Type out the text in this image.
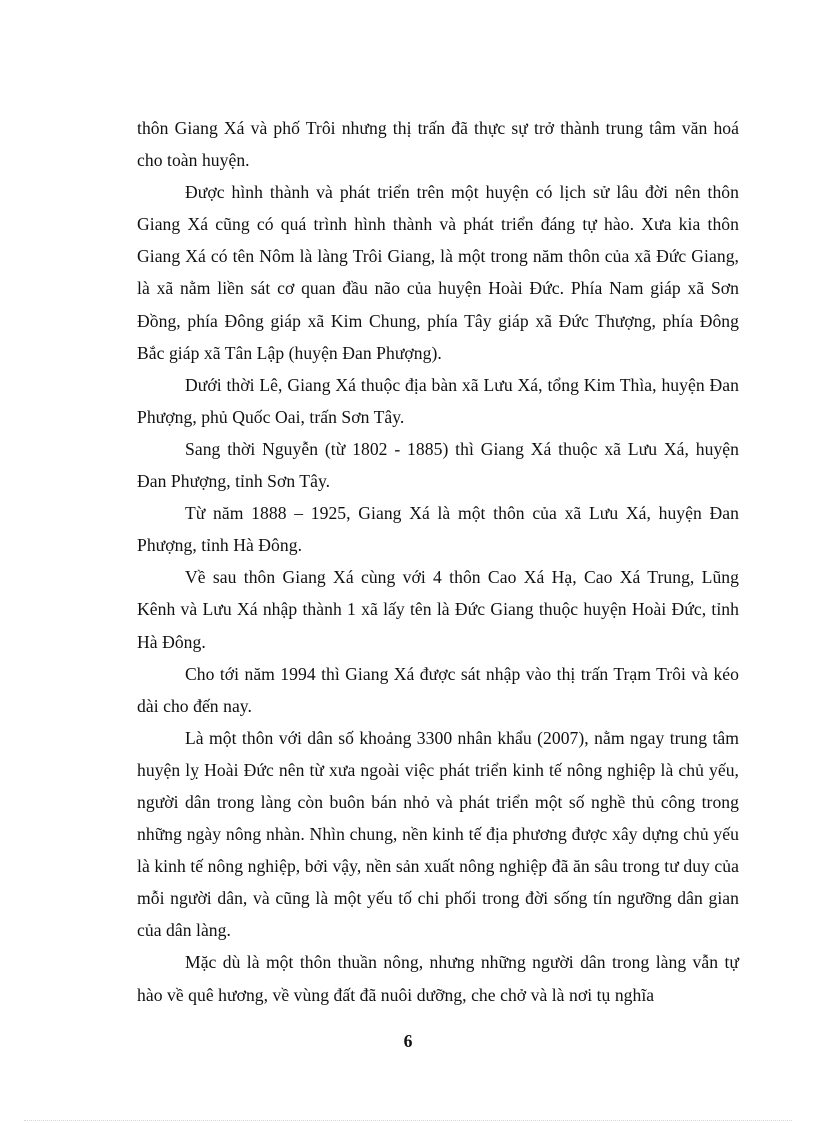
thôn Giang Xá và phố Trôi nhưng thị trấn đã thực sự trở thành trung tâm văn hoá cho toàn huyện.

Được hình thành và phát triển trên một huyện có lịch sử lâu đời nên thôn Giang Xá cũng có quá trình hình thành và phát triển đáng tự hào. Xưa kia thôn Giang Xá có tên Nôm là làng Trôi Giang, là một trong năm thôn của xã Đức Giang, là xã nằm liền sát cơ quan đầu não của huyện Hoài Đức. Phía Nam giáp xã Sơn Đồng, phía Đông giáp xã Kim Chung, phía Tây giáp xã Đức Thượng, phía Đông Bắc giáp xã Tân Lập (huyện Đan Phượng).

Dưới thời Lê, Giang Xá thuộc địa bàn xã Lưu Xá, tổng Kim Thìa, huyện Đan Phượng, phủ Quốc Oai, trấn Sơn Tây.

Sang thời Nguyễn (từ 1802 - 1885) thì Giang Xá thuộc xã Lưu Xá, huyện Đan Phượng, tỉnh Sơn Tây.

Từ năm 1888 – 1925, Giang Xá là một thôn của xã Lưu Xá, huyện Đan Phượng, tỉnh Hà Đông.

Về sau thôn Giang Xá cùng với 4 thôn Cao Xá Hạ, Cao Xá Trung, Lũng Kênh và Lưu Xá nhập thành 1 xã lấy tên là Đức Giang thuộc huyện Hoài Đức, tỉnh Hà Đông.

Cho tới năm 1994 thì Giang Xá được sát nhập vào thị trấn Trạm Trôi và kéo dài cho đến nay.

Là một thôn với dân số khoảng 3300 nhân khẩu (2007), nằm ngay trung tâm huyện lỵ Hoài Đức nên từ xưa ngoài việc phát triển kinh tế nông nghiệp là chủ yếu, người dân trong làng còn buôn bán nhỏ và phát triển một số nghề thủ công trong những ngày nông nhàn. Nhìn chung, nền kinh tế địa phương được xây dựng chủ yếu là kinh tế nông nghiệp, bởi vậy, nền sản xuất nông nghiệp đã ăn sâu trong tư duy của mỗi người dân, và cũng là một yếu tố chi phối trong đời sống tín ngưỡng dân gian của dân làng.

Mặc dù là một thôn thuần nông, nhưng những người dân trong làng vẫn tự hào về quê hương, về vùng đất đã nuôi dưỡng, che chở và là nơi tụ nghĩa

6
